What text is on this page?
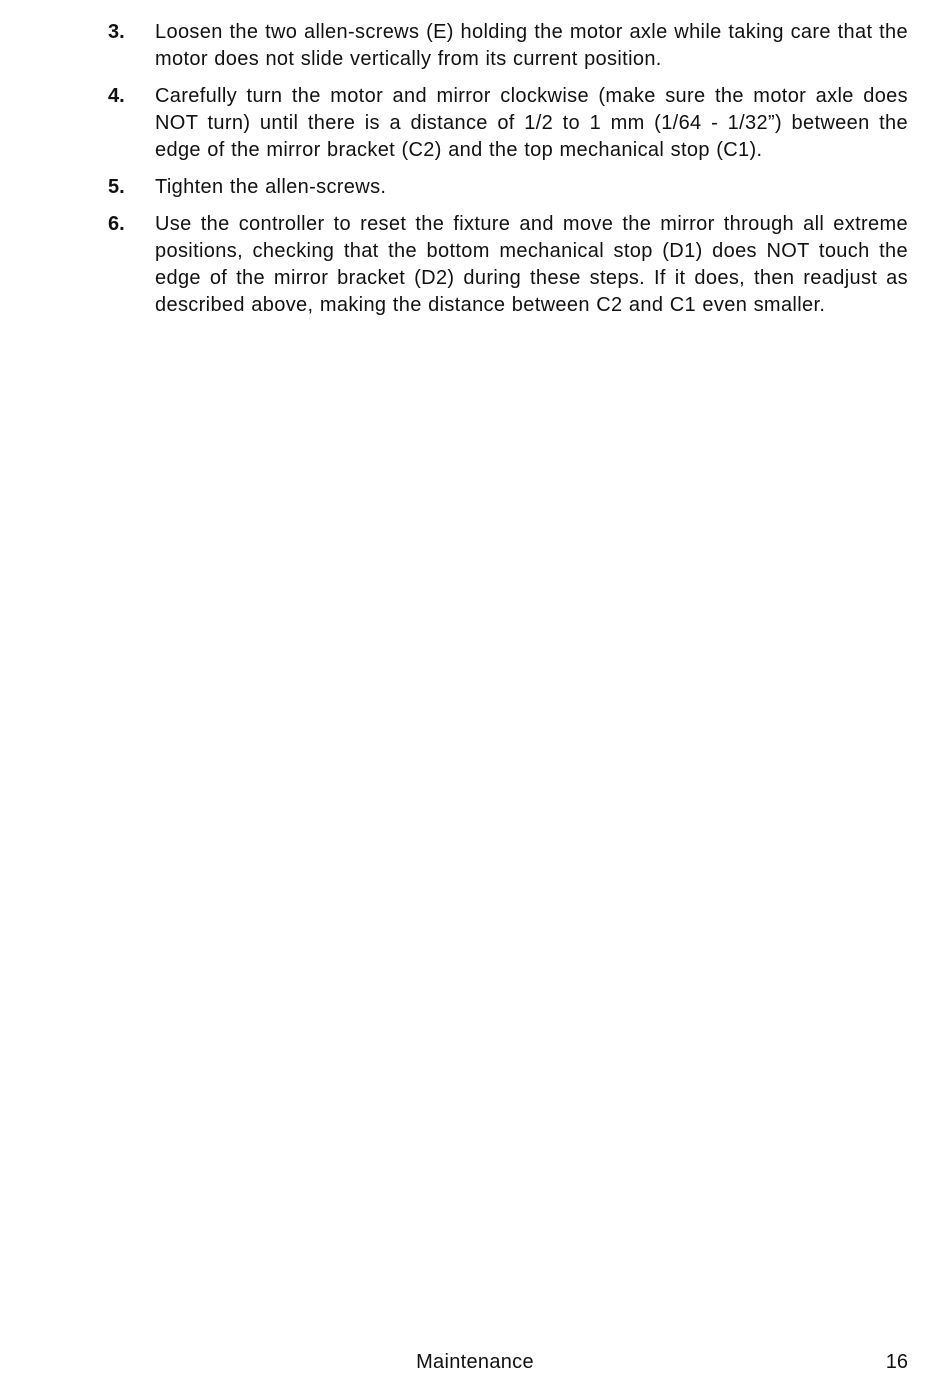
3.	Loosen the two allen-screws (E) holding the motor axle while taking care that the motor does not slide vertically from its current position.
4.	Carefully turn the motor and mirror clockwise (make sure the motor axle does NOT turn) until there is a distance of 1/2 to 1 mm (1/64 - 1/32”) between the edge of the mirror bracket (C2) and the top mechanical stop (C1).
5.	Tighten the allen-screws.
6.	Use the controller to reset the fixture and move the mirror through all extreme positions, checking that the bottom mechanical stop (D1) does NOT touch the edge of the mirror bracket (D2) during these steps. If it does, then readjust as described above, making the distance between C2 and C1 even smaller.
Maintenance	16
